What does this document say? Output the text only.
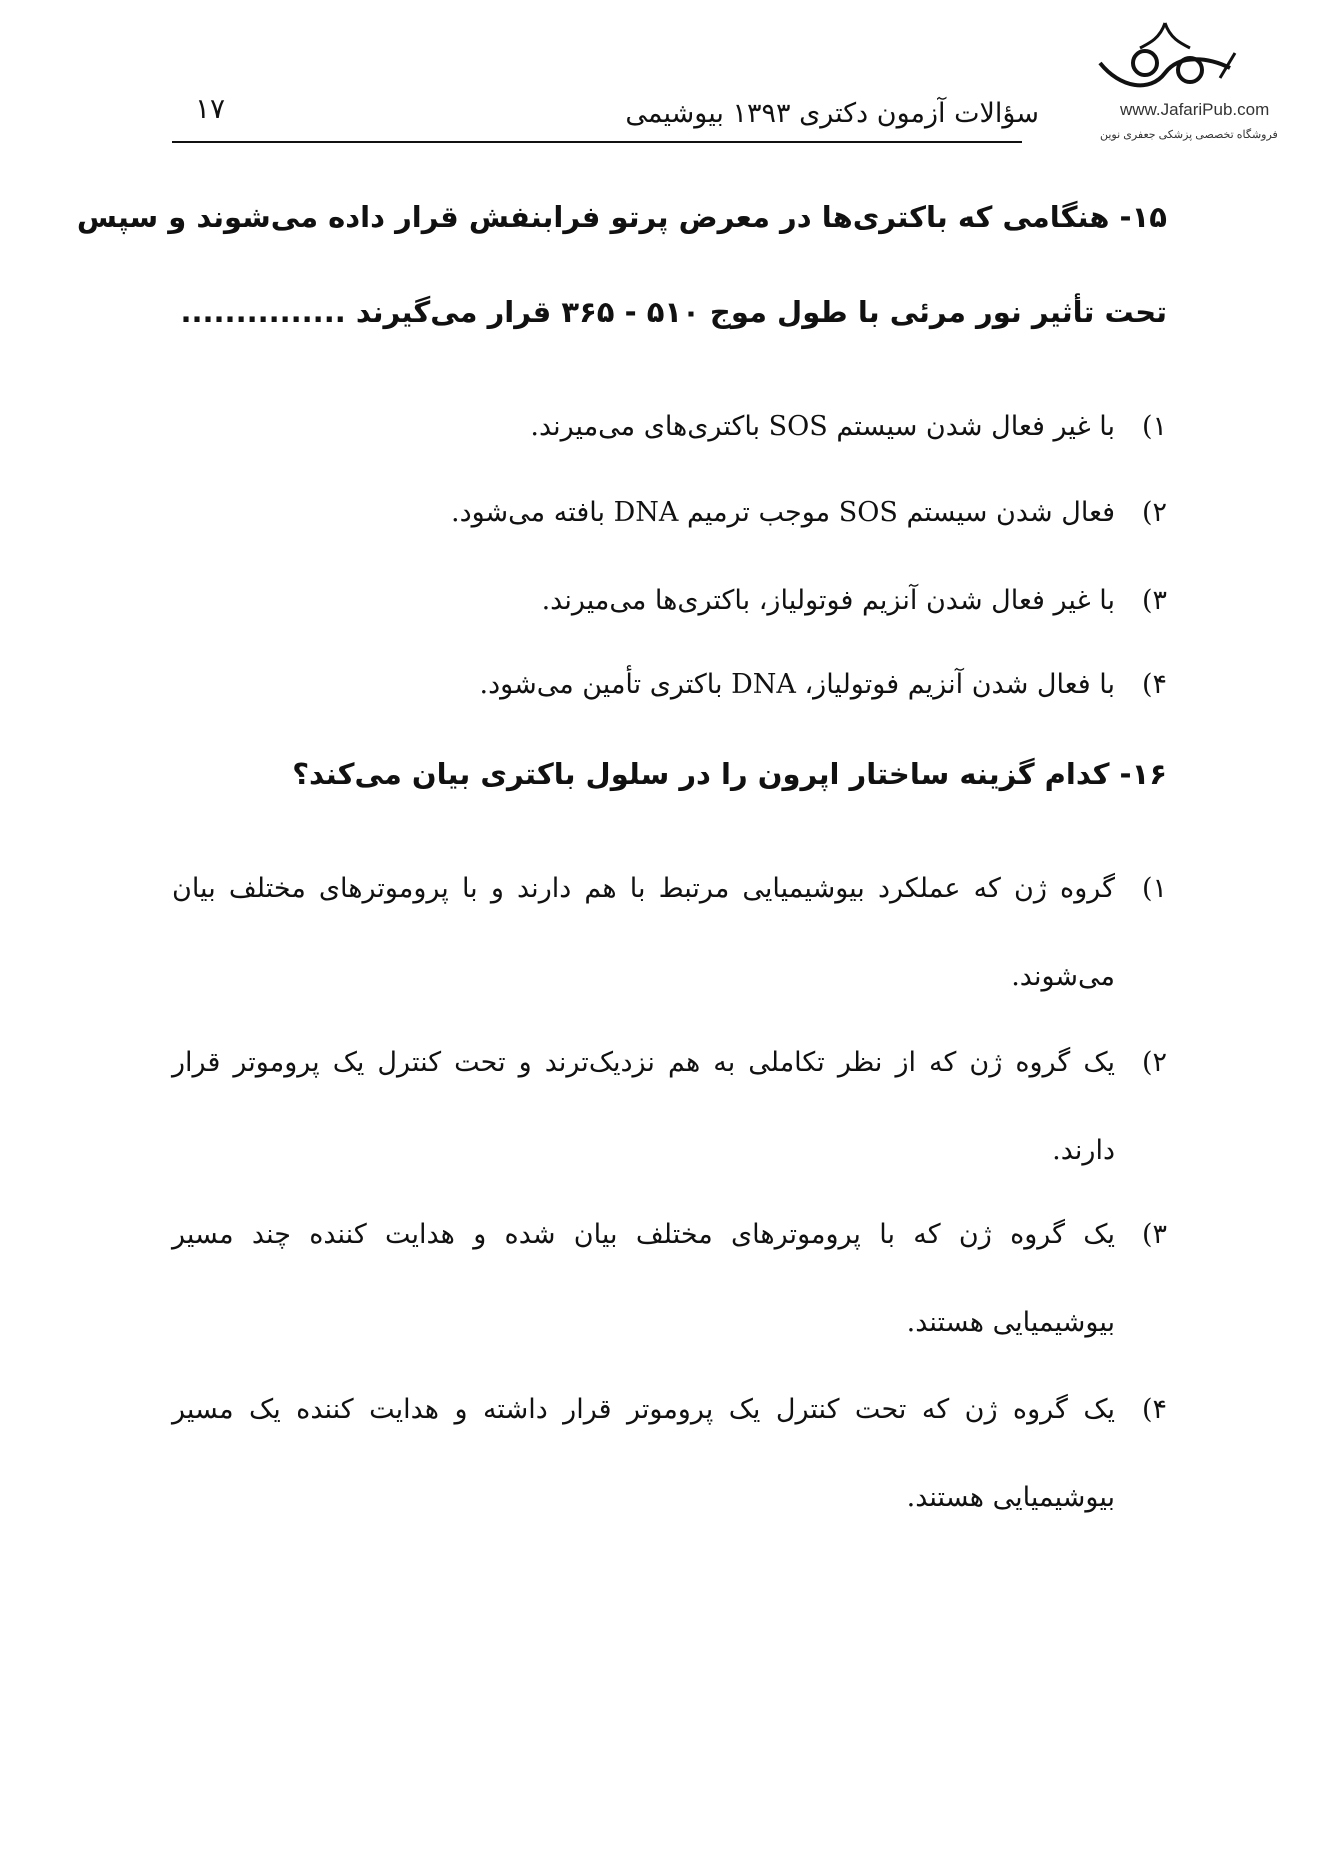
۱۷	سؤالات آزمون دکتری ۱۳۹۳ بیوشیمی	www.JafariPub.com
فروشگاه تخصصی پزشکی جعفری نوین
۱۵- هنگامی که باکتری‌ها در معرض پرتو فرابنفش قرار داده می‌شوند و سپس
تحت تأثیر نور مرئی با طول موج ۵۱۰ - ۳۶۵ قرار می‌گیرند ...............
۱)
با غیر فعال شدن سیستم SOS باکتری‌های می‌میرند.
۲)
فعال شدن سیستم SOS موجب ترمیم DNA بافته می‌شود.
۳)
با غیر فعال شدن آنزیم فوتولیاز، باکتری‌ها می‌میرند.
۴)
با فعال شدن آنزیم فوتولیاز، DNA باکتری تأمین می‌شود.
۱۶- کدام گزینه ساختار اپرون را در سلول باکتری بیان می‌کند؟
۱)
گروه ژن که عملکرد بیوشیمیایی مرتبط با هم دارند و با پروموترهای مختلف بیان می‌شوند.
۲)
یک گروه ژن که از نظر تکاملی به هم نزدیک‌ترند و تحت کنترل یک پروموتر قرار دارند.
۳)
یک گروه ژن که با پروموترهای مختلف بیان شده و هدایت کننده چند مسیر بیوشیمیایی هستند.
۴)
یک گروه ژن که تحت کنترل یک پروموتر قرار داشته و هدایت کننده یک مسیر بیوشیمیایی هستند.
